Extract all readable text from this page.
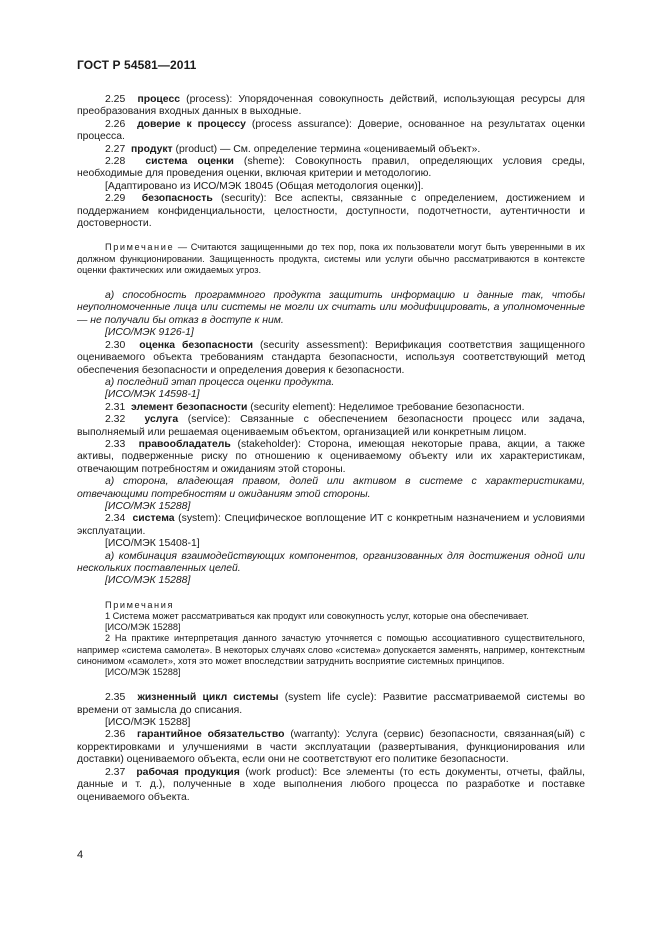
ГОСТ Р 54581—2011

2.25 процесс (process): Упорядоченная совокупность действий, использующая ресурсы для преобразования входных данных в выходные.

2.26 доверие к процессу (process assurance): Доверие, основанное на результатах оценки процесса.

2.27 продукт (product) — См. определение термина «оцениваемый объект».

2.28 система оценки (sheme): Совокупность правил, определяющих условия среды, необходимые для проведения оценки, включая критерии и методологию.

[Адаптировано из ИСО/МЭК 18045 (Общая методология оценки)].

2.29 безопасность (security): Все аспекты, связанные с определением, достижением и поддержанием конфиденциальности, целостности, доступности, подотчетности, аутентичности и достоверности.

Примечание — Считаются защищенными до тех пор, пока их пользователи могут быть уверенными в их должном функционировании. Защищенность продукта, системы или услуги обычно рассматриваются в контексте оценки фактических или ожидаемых угроз.

а) способность программного продукта защитить информацию и данные так, чтобы неуполномоченные лица или системы не могли их считать или модифицировать, а уполномоченные — не получали бы отказ в доступе к ним.

[ИСО/МЭК 9126-1]

2.30 оценка безопасности (security assessment): Верификация соответствия защищенного оцениваемого объекта требованиям стандарта безопасности, используя соответствующий метод обеспечения безопасности и определения доверия к безопасности.

а) последний этап процесса оценки продукта.

[ИСО/МЭК 14598-1]

2.31 элемент безопасности (security element): Неделимое требование безопасности.

2.32 услуга (service): Связанные с обеспечением безопасности процесс или задача, выполняемый или решаемая оцениваемым объектом, организацией или конкретным лицом.

2.33 правообладатель (stakeholder): Сторона, имеющая некоторые права, акции, а также активы, подверженные риску по отношению к оцениваемому объекту или их характеристикам, отвечающим потребностям и ожиданиям этой стороны.

а) сторона, владеющая правом, долей или активом в системе с характеристиками, отвечающими потребностям и ожиданиям этой стороны.

[ИСО/МЭК 15288]

2.34 система (system): Специфическое воплощение ИТ с конкретным назначением и условиями эксплуатации.

[ИСО/МЭК 15408-1]

а) комбинация взаимодействующих компонентов, организованных для достижения одной или нескольких поставленных целей.

[ИСО/МЭК 15288]

Примечания

1 Система может рассматриваться как продукт или совокупность услуг, которые она обеспечивает.

[ИСО/МЭК 15288]

2 На практике интерпретация данного зачастую уточняется с помощью ассоциативного существительного, например «система самолета». В некоторых случаях слово «система» допускается заменять, например, контекстным синонимом «самолет», хотя это может впоследствии затруднить восприятие системных принципов.

[ИСО/МЭК 15288]

2.35 жизненный цикл системы (system life cycle): Развитие рассматриваемой системы во времени от замысла до списания.

[ИСО/МЭК 15288]

2.36 гарантийное обязательство (warranty): Услуга (сервис) безопасности, связанная(ый) с корректировками и улучшениями в части эксплуатации (развертывания, функционирования или доставки) оцениваемого объекта, если они не соответствуют его политике безопасности.

2.37 рабочая продукция (work product): Все элементы (то есть документы, отчеты, файлы, данные и т. д.), полученные в ходе выполнения любого процесса по разработке и поставке оцениваемого объекта.

4
